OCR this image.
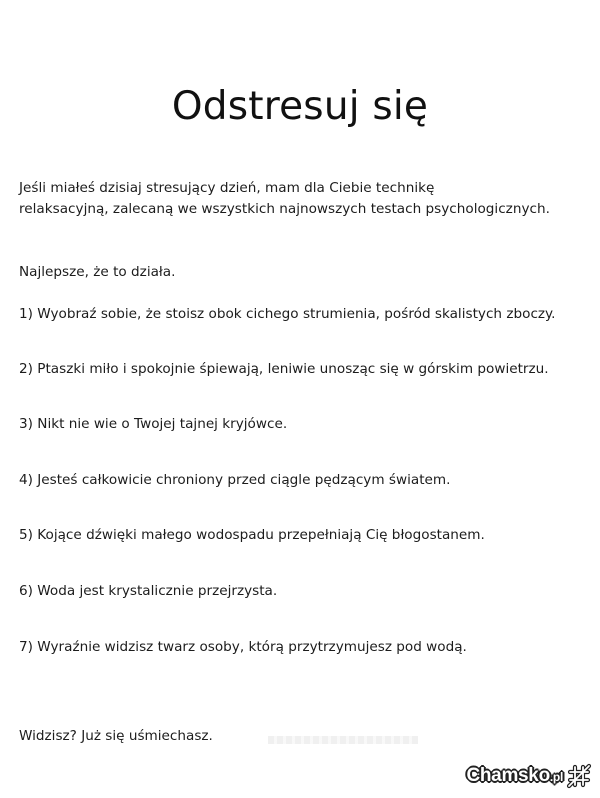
Odstresuj się

Jeśli miałeś dzisiaj stresujący dzień, mam dla Ciebie technikę
relaksacyjną, zalecaną we wszystkich najnowszych testach psychologicznych.

Najlepsze, że to działa.

1) Wyobraź sobie, że stoisz obok cichego strumienia, pośród skalistych zboczy.

2) Ptaszki miło i spokojnie śpiewają, leniwie unosząc się w górskim powietrzu.

3) Nikt nie wie o Twojej tajnej kryjówce.

4) Jesteś całkowicie chroniony przed ciągle pędzącym światem.

5) Kojące dźwięki małego wodospadu przepełniają Cię błogostanem.

6) Woda jest krystalicznie przejrzysta.

7) Wyraźnie widzisz twarz osoby, którą przytrzymujesz pod wodą.

Widzisz? Już się uśmiechasz.

Chamsko.pl
